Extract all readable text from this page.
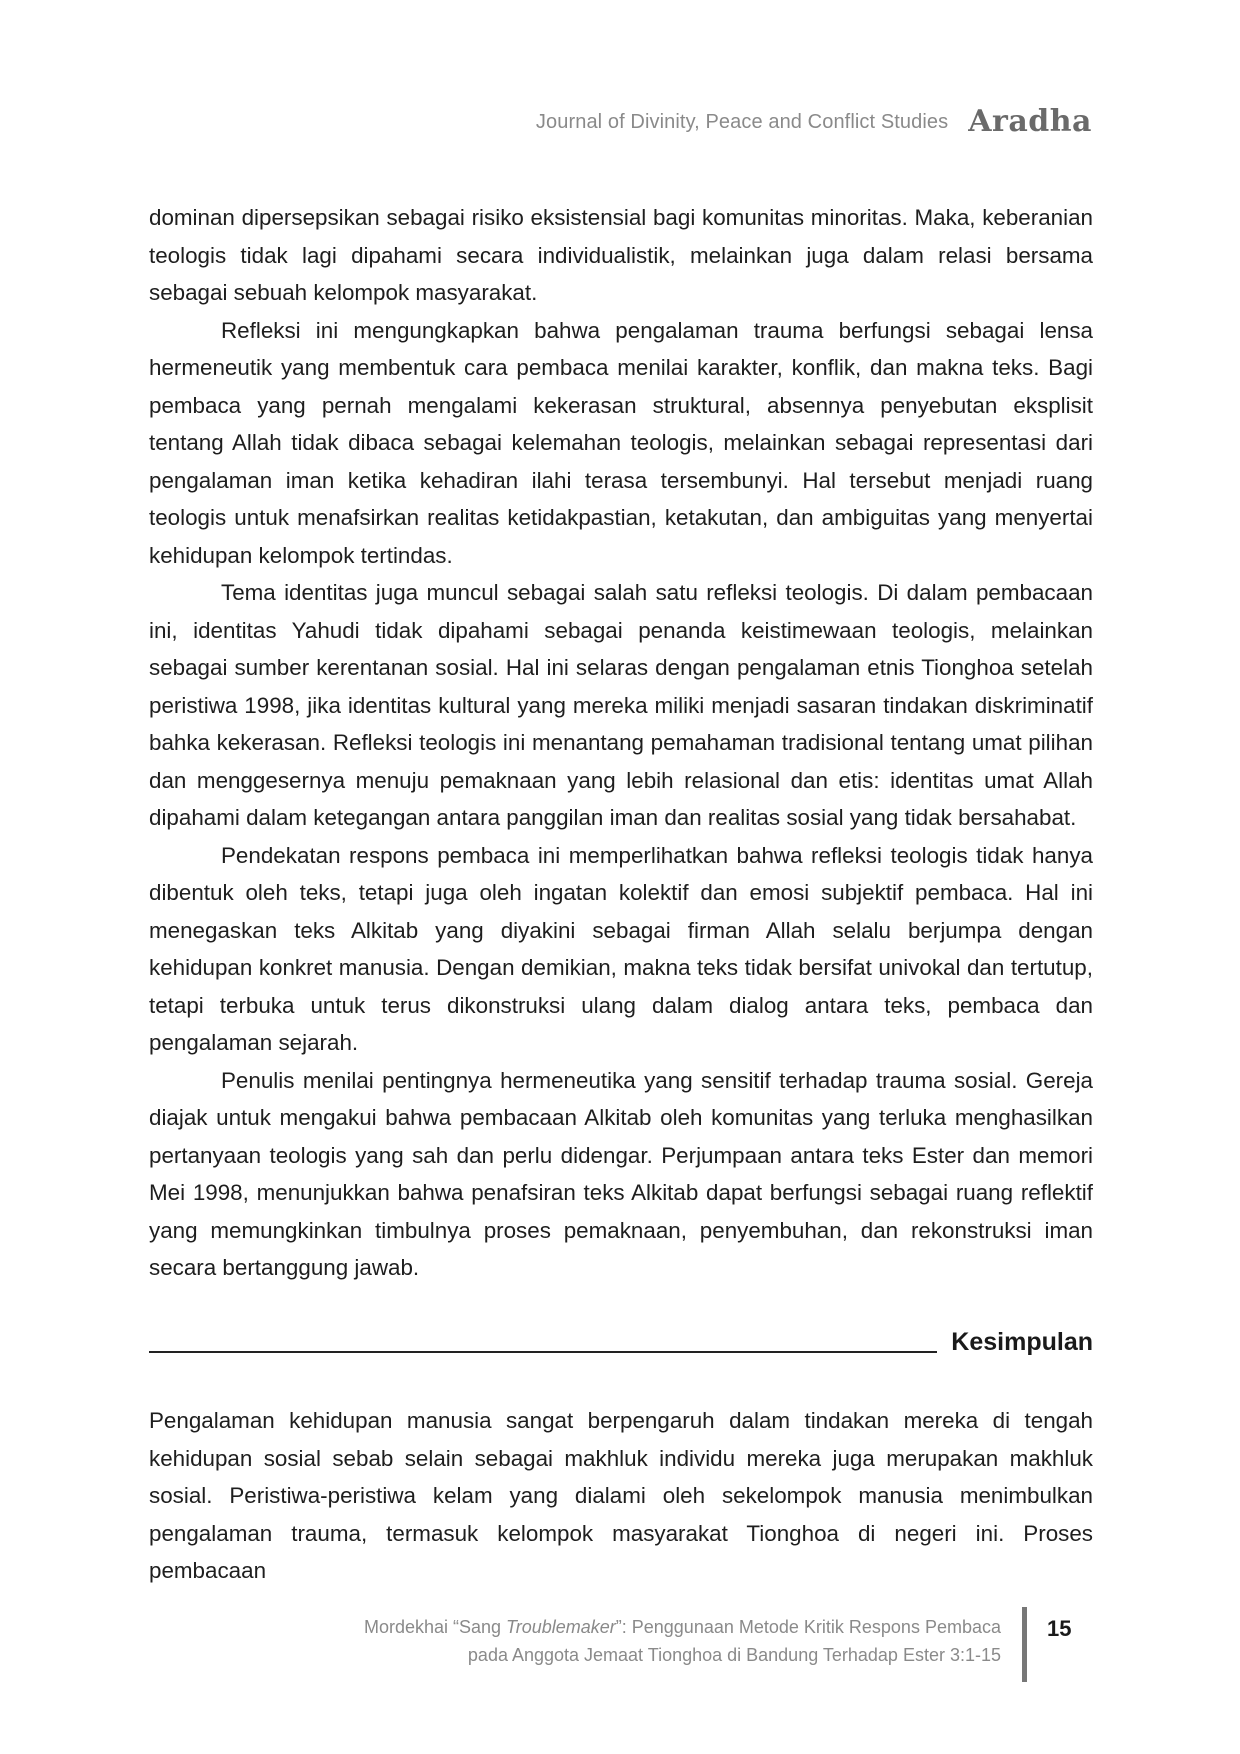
Journal of Divinity, Peace and Conflict Studies Aradha

dominan dipersepsikan sebagai risiko eksistensial bagi komunitas minoritas. Maka, keberanian teologis tidak lagi dipahami secara individualistik, melainkan juga dalam relasi bersama sebagai sebuah kelompok masyarakat.

Refleksi ini mengungkapkan bahwa pengalaman trauma berfungsi sebagai lensa hermeneutik yang membentuk cara pembaca menilai karakter, konflik, dan makna teks. Bagi pembaca yang pernah mengalami kekerasan struktural, absennya penyebutan eksplisit tentang Allah tidak dibaca sebagai kelemahan teologis, melainkan sebagai representasi dari pengalaman iman ketika kehadiran ilahi terasa tersembunyi. Hal tersebut menjadi ruang teologis untuk menafsirkan realitas ketidakpastian, ketakutan, dan ambiguitas yang menyertai kehidupan kelompok tertindas.

Tema identitas juga muncul sebagai salah satu refleksi teologis. Di dalam pembacaan ini, identitas Yahudi tidak dipahami sebagai penanda keistimewaan teologis, melainkan sebagai sumber kerentanan sosial. Hal ini selaras dengan pengalaman etnis Tionghoa setelah peristiwa 1998, jika identitas kultural yang mereka miliki menjadi sasaran tindakan diskriminatif bahka kekerasan. Refleksi teologis ini menantang pemahaman tradisional tentang umat pilihan dan menggesernya menuju pemaknaan yang lebih relasional dan etis: identitas umat Allah dipahami dalam ketegangan antara panggilan iman dan realitas sosial yang tidak bersahabat.

Pendekatan respons pembaca ini memperlihatkan bahwa refleksi teologis tidak hanya dibentuk oleh teks, tetapi juga oleh ingatan kolektif dan emosi subjektif pembaca. Hal ini menegaskan teks Alkitab yang diyakini sebagai firman Allah selalu berjumpa dengan kehidupan konkret manusia. Dengan demikian, makna teks tidak bersifat univokal dan tertutup, tetapi terbuka untuk terus dikonstruksi ulang dalam dialog antara teks, pembaca dan pengalaman sejarah.

Penulis menilai pentingnya hermeneutika yang sensitif terhadap trauma sosial. Gereja diajak untuk mengakui bahwa pembacaan Alkitab oleh komunitas yang terluka menghasilkan pertanyaan teologis yang sah dan perlu didengar. Perjumpaan antara teks Ester dan memori Mei 1998, menunjukkan bahwa penafsiran teks Alkitab dapat berfungsi sebagai ruang reflektif yang memungkinkan timbulnya proses pemaknaan, penyembuhan, dan rekonstruksi iman secara bertanggung jawab.

Kesimpulan

Pengalaman kehidupan manusia sangat berpengaruh dalam tindakan mereka di tengah kehidupan sosial sebab selain sebagai makhluk individu mereka juga merupakan makhluk sosial. Peristiwa-peristiwa kelam yang dialami oleh sekelompok manusia menimbulkan pengalaman trauma, termasuk kelompok masyarakat Tionghoa di negeri ini. Proses pembacaan

Mordekhai “Sang Troublemaker”: Penggunaan Metode Kritik Respons Pembaca
pada Anggota Jemaat Tionghoa di Bandung Terhadap Ester 3:1-15
15
